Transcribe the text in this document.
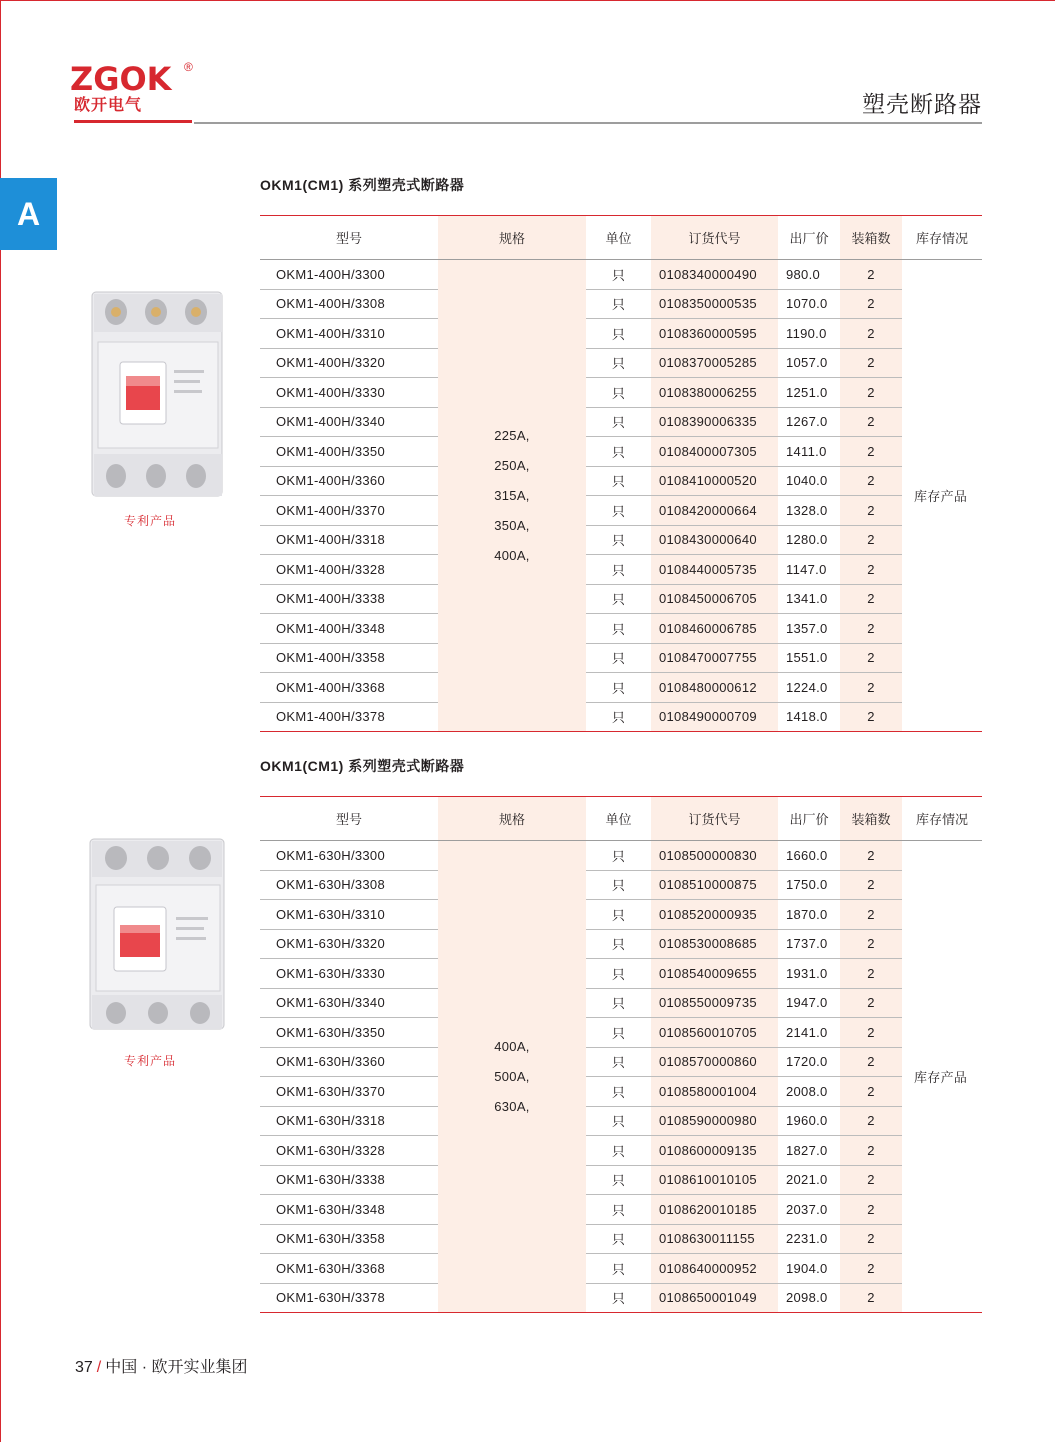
ZGOK ®
欧开电气	塑壳断路器
A
OKM1(CM1) 系列塑壳式断路器
专利产品
型号	规格	单位	订货代号	出厂价	装箱数	库存情况
OKM1-400H/3300	225A,
250A,
315A,
350A,
400A,	只	0108340000490	980.0	2	库存产品
OKM1-400H/3308		只	0108350000535	1070.0	2	
OKM1-400H/3310		只	0108360000595	1190.0	2	
OKM1-400H/3320		只	0108370005285	1057.0	2	
OKM1-400H/3330		只	0108380006255	1251.0	2	
OKM1-400H/3340		只	0108390006335	1267.0	2	
OKM1-400H/3350		只	0108400007305	1411.0	2	
OKM1-400H/3360		只	0108410000520	1040.0	2	
OKM1-400H/3370		只	0108420000664	1328.0	2	
OKM1-400H/3318		只	0108430000640	1280.0	2	
OKM1-400H/3328		只	0108440005735	1147.0	2	
OKM1-400H/3338		只	0108450006705	1341.0	2	
OKM1-400H/3348		只	0108460006785	1357.0	2	
OKM1-400H/3358		只	0108470007755	1551.0	2	
OKM1-400H/3368		只	0108480000612	1224.0	2	
OKM1-400H/3378		只	0108490000709	1418.0	2	
OKM1(CM1) 系列塑壳式断路器
专利产品
型号	规格	单位	订货代号	出厂价	装箱数	库存情况
OKM1-630H/3300	400A,
500A,
630A,	只	0108500000830	1660.0	2	库存产品
OKM1-630H/3308		只	0108510000875	1750.0	2	
OKM1-630H/3310		只	0108520000935	1870.0	2	
OKM1-630H/3320		只	0108530008685	1737.0	2	
OKM1-630H/3330		只	0108540009655	1931.0	2	
OKM1-630H/3340		只	0108550009735	1947.0	2	
OKM1-630H/3350		只	0108560010705	2141.0	2	
OKM1-630H/3360		只	0108570000860	1720.0	2	
OKM1-630H/3370		只	0108580001004	2008.0	2	
OKM1-630H/3318		只	0108590000980	1960.0	2	
OKM1-630H/3328		只	0108600009135	1827.0	2	
OKM1-630H/3338		只	0108610010105	2021.0	2	
OKM1-630H/3348		只	0108620010185	2037.0	2	
OKM1-630H/3358		只	0108630011155	2231.0	2	
OKM1-630H/3368		只	0108640000952	1904.0	2	
OKM1-630H/3378		只	0108650001049	2098.0	2	
37 / 中国 · 欧开实业集团
